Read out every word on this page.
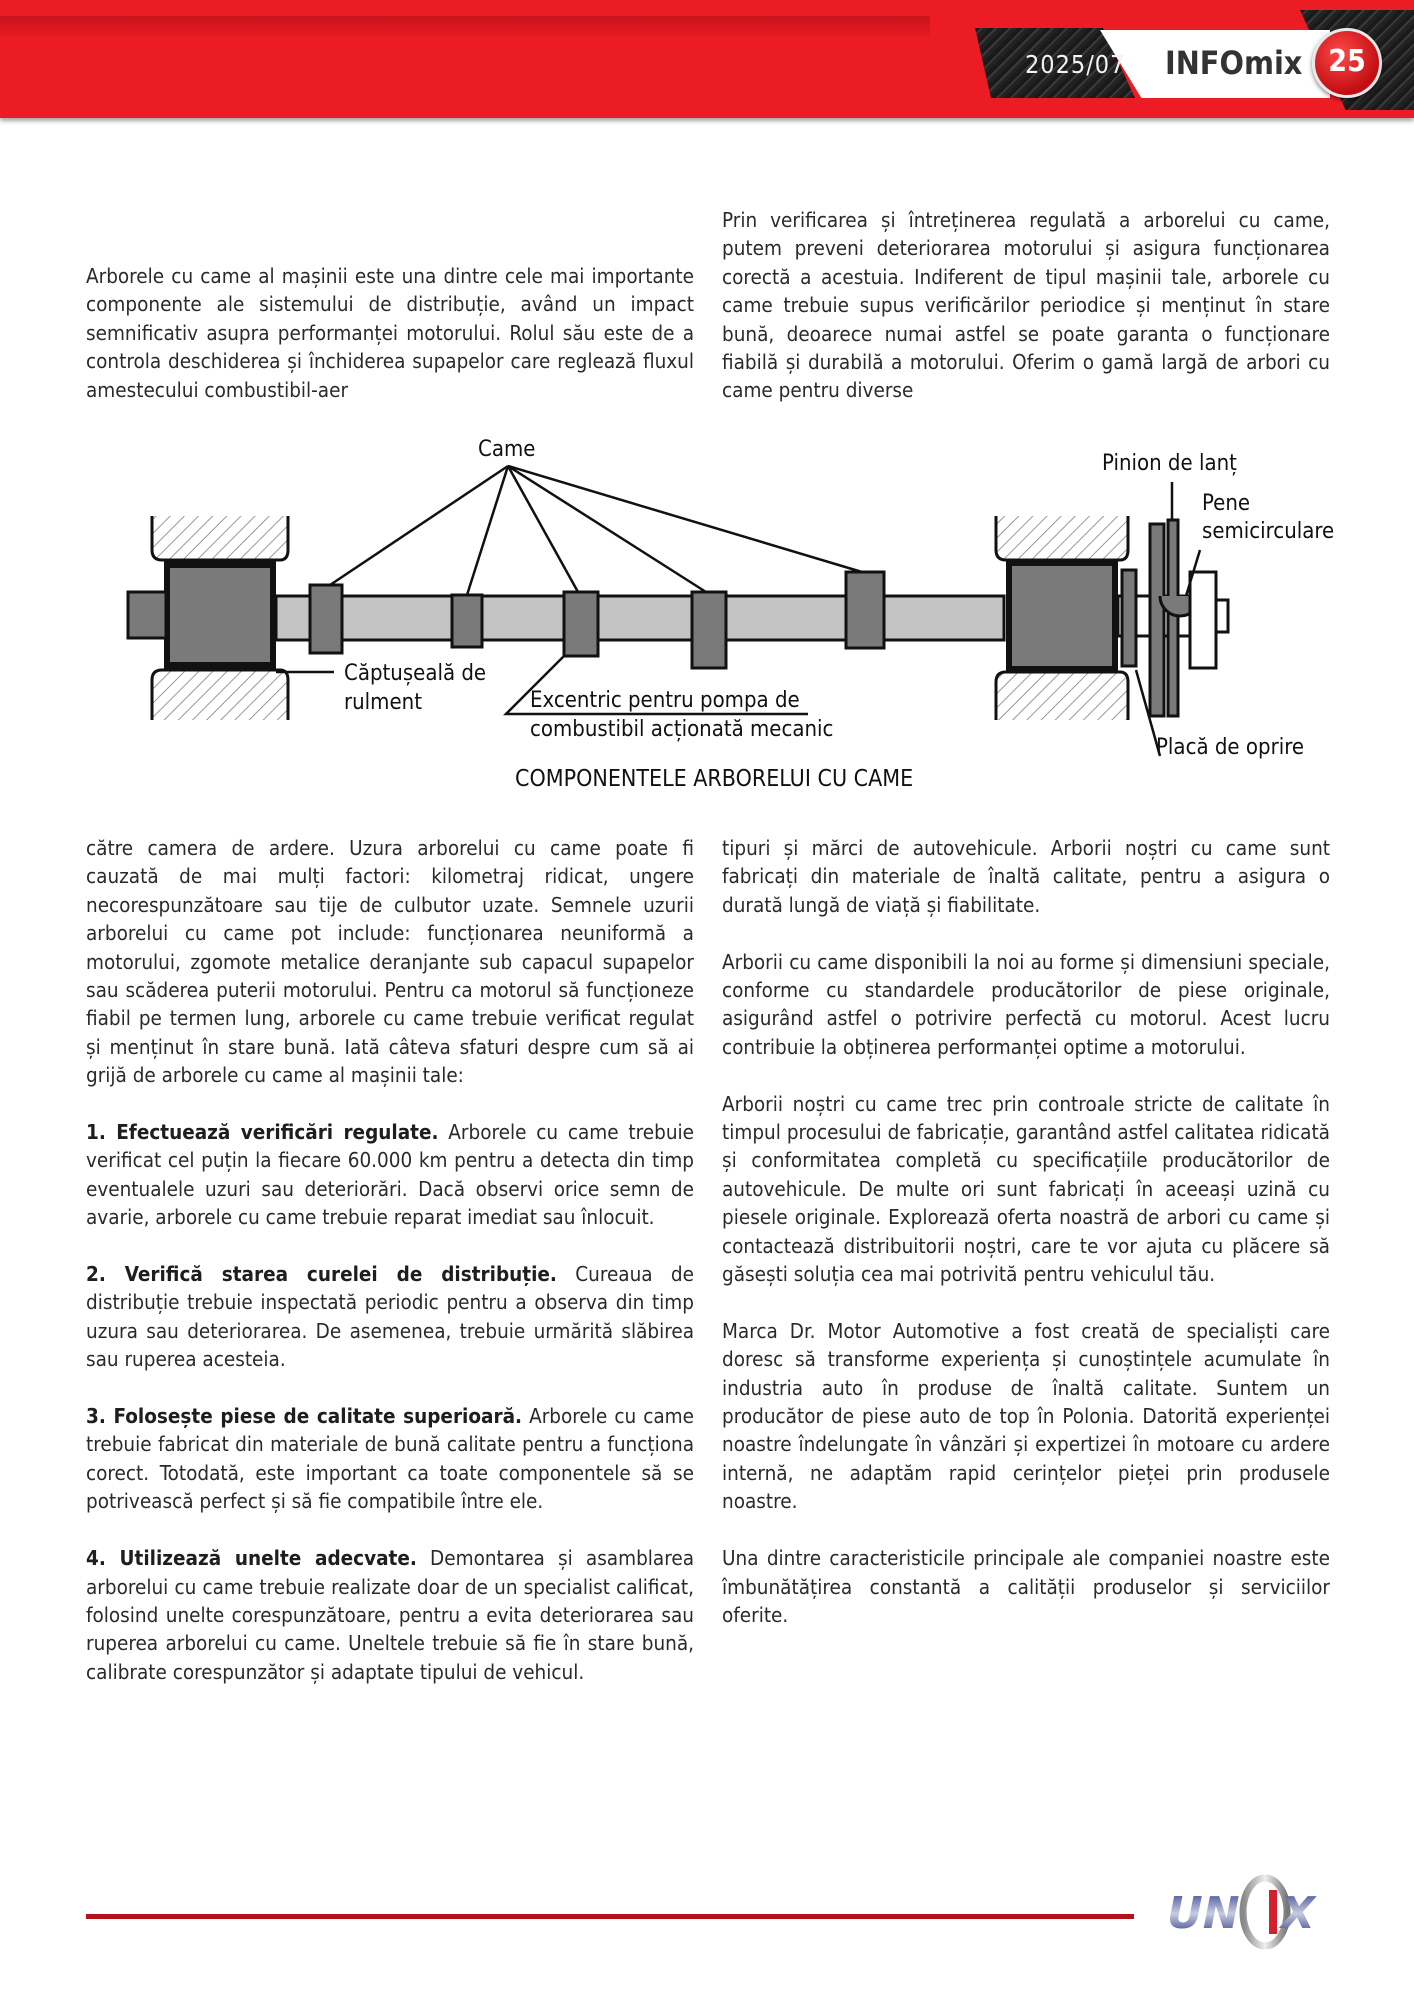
2025/07 INFOmix 25

Arborele cu came al mașinii este una dintre cele mai importante componente ale sistemului de distribuție, având un impact semnificativ asupra performanței motorului. Rolul său este de a controla deschiderea și închiderea supapelor care reglează fluxul amestecului combustibil-aer

Prin verificarea și întreținerea regulată a arborelui cu came, putem preveni deteriorarea motorului și asigura funcționarea corectă a acestuia. Indiferent de tipul mașinii tale, arborele cu came trebuie supus verificărilor periodice și menținut în stare bună, deoarece numai astfel se poate garanta o funcționare fiabilă și durabilă a motorului. Oferim o gamă largă de arbori cu came pentru diverse

Came
Pinion de lanț
Pene
semicirculare
Căptușeală de
rulment	Excentric pentru pompa de
combustibil acționată mecanic
Placă de oprire
COMPONENTELE ARBORELUI CU CAME

către camera de ardere. Uzura arborelui cu came poate fi cauzată de mai mulți factori: kilometraj ridicat, ungere necorespunzătoare sau tije de culbutor uzate. Semnele uzurii arborelui cu came pot include: funcționarea neuniformă a motorului, zgomote metalice deranjante sub capacul supapelor sau scăderea puterii motorului. Pentru ca motorul să funcționeze fiabil pe termen lung, arborele cu came trebuie verificat regulat și menținut în stare bună. Iată câteva sfaturi despre cum să ai grijă de arborele cu came al mașinii tale:

1. Efectuează verificări regulate. Arborele cu came trebuie verificat cel puțin la fiecare 60.000 km pentru a detecta din timp eventualele uzuri sau deteriorări. Dacă observi orice semn de avarie, arborele cu came trebuie reparat imediat sau înlocuit.

2. Verifică starea curelei de distribuție. Cureaua de distribuție trebuie inspectată periodic pentru a observa din timp uzura sau deteriorarea. De asemenea, trebuie urmărită slăbirea sau ruperea acesteia.

3. Folosește piese de calitate superioară. Arborele cu came trebuie fabricat din materiale de bună calitate pentru a funcționa corect. Totodată, este important ca toate componentele să se potrivească perfect și să fie compatibile între ele.

4. Utilizează unelte adecvate. Demontarea și asamblarea arborelui cu came trebuie realizate doar de un specialist calificat, folosind unelte corespunzătoare, pentru a evita deteriorarea sau ruperea arborelui cu came. Uneltele trebuie să fie în stare bună, calibrate corespunzător și adaptate tipului de vehicul.

tipuri și mărci de autovehicule. Arborii noștri cu came sunt fabricați din materiale de înaltă calitate, pentru a asigura o durată lungă de viață și fiabilitate.

Arborii cu came disponibili la noi au forme și dimensiuni speciale, conforme cu standardele producătorilor de piese originale, asigurând astfel o potrivire perfectă cu motorul. Acest lucru contribuie la obținerea performanței optime a motorului.

Arborii noștri cu came trec prin controale stricte de calitate în timpul procesului de fabricație, garantând astfel calitatea ridicată și conformitatea completă cu specificațiile producătorilor de autovehicule. De multe ori sunt fabricați în aceeași uzină cu piesele originale. Explorează oferta noastră de arbori cu came și contactează distribuitorii noștri, care te vor ajuta cu plăcere să găsești soluția cea mai potrivită pentru vehiculul tău.

Marca Dr. Motor Automotive a fost creată de specialiști care doresc să transforme experiența și cunoștințele acumulate în industria auto în produse de înaltă calitate. Suntem un producător de piese auto de top în Polonia. Datorită experienței noastre îndelungate în vânzări și expertizei în motoare cu ardere internă, ne adaptăm rapid cerințelor pieței prin produsele noastre.

Una dintre caracteristicile principale ale companiei noastre este îmbunătățirea constantă a calității produselor și serviciilor oferite.

UN X
